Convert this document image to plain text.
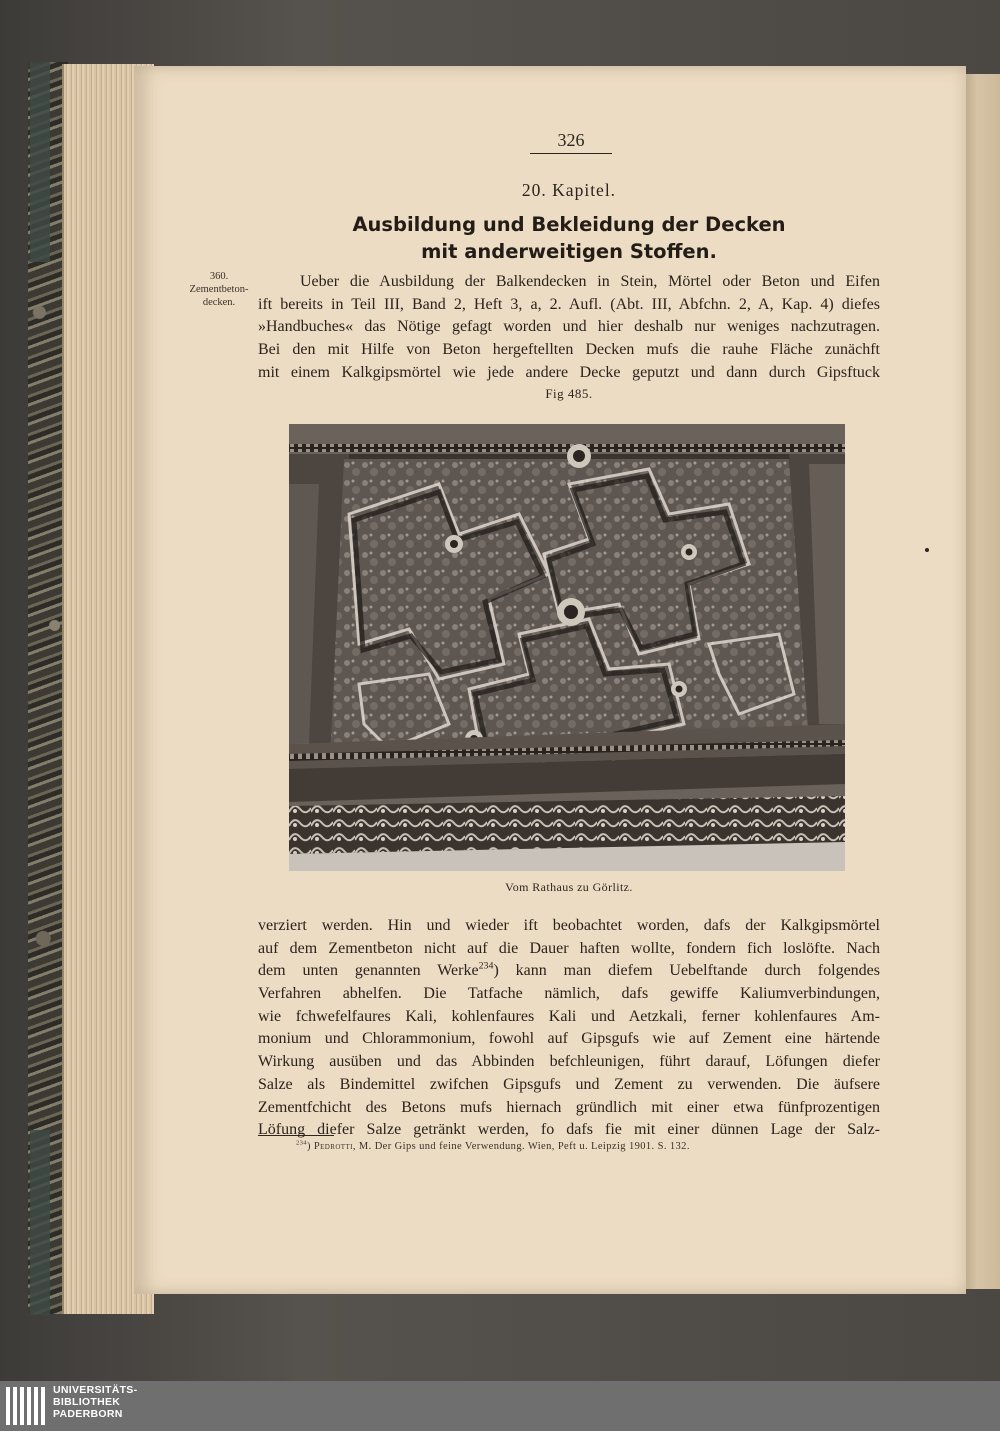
326
20. Kapitel.
Ausbildung und Bekleidung der Decken
mit anderweitigen Stoffen.
360.
Zementbeton-
decken.
Ueber die Ausbildung der Balkendecken in Stein, Mörtel oder Beton und Eifen
ift bereits in Teil III, Band 2, Heft 3, a, 2. Aufl. (Abt. III, Abfchn. 2, A, Kap. 4) diefes
»Handbuches« das Nötige gefagt worden und hier deshalb nur weniges nachzutragen.
Bei den mit Hilfe von Beton hergeftellten Decken mufs die rauhe Fläche zunächft
mit einem Kalkgipsmörtel wie jede andere Decke geputzt und dann durch Gipsftuck
Fig 485.
Vom Rathaus zu Görlitz.
verziert werden. Hin und wieder ift beobachtet worden, dafs der Kalkgipsmörtel
auf dem Zementbeton nicht auf die Dauer haften wollte, fondern fich loslöfte. Nach
dem unten genannten Werke$^{234}$) kann man diefem Uebelftande durch folgendes
Verfahren abhelfen. Die Tatfache nämlich, dafs gewiffe Kaliumverbindungen,
wie fchwefelfaures Kali, kohlenfaures Kali und Aetzkali, ferner kohlenfaures Am-
monium und Chlorammonium, fowohl auf Gipsgufs wie auf Zement eine härtende
Wirkung ausüben und das Abbinden befchleunigen, führt darauf, Löfungen diefer
Salze als Bindemittel zwifchen Gipsgufs und Zement zu verwenden. Die äufsere
Zementfchicht des Betons mufs hiernach gründlich mit einer etwa fünfprozentigen
Löfung diefer Salze getränkt werden, fo dafs fie mit einer dünnen Lage der Salz-
$^{234}$) Pedrotti, M. Der Gips und feine Verwendung. Wien, Peft u. Leipzig 1901. S. 132.
UNIVERSITÄTS-
BIBLIOTHEK
PADERBORN
